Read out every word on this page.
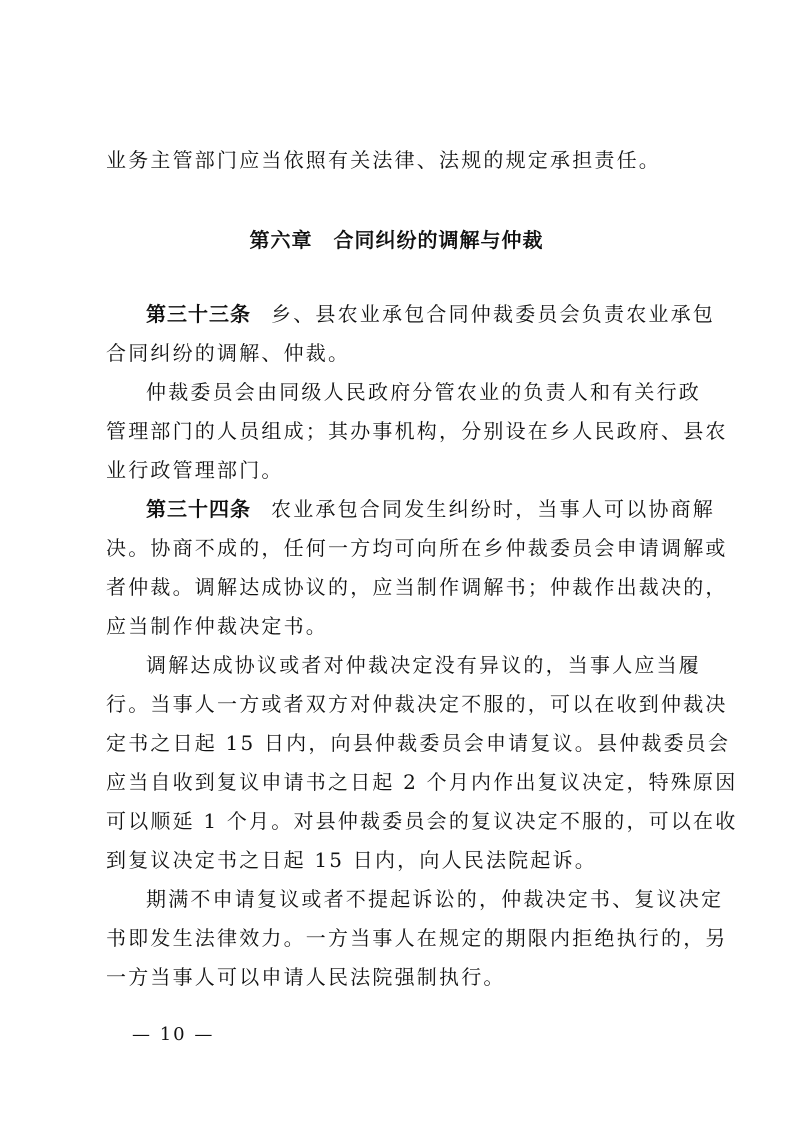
业务主管部门应当依照有关法律、法规的规定承担责任。
第六章　合同纠纷的调解与仲裁
第三十三条 乡、县农业承包合同仲裁委员会负责农业承包
合同纠纷的调解、仲裁。
仲裁委员会由同级人民政府分管农业的负责人和有关行政
管理部门的人员组成；其办事机构，分别设在乡人民政府、县农
业行政管理部门。
第三十四条 农业承包合同发生纠纷时，当事人可以协商解
决。协商不成的，任何一方均可向所在乡仲裁委员会申请调解或
者仲裁。调解达成协议的，应当制作调解书；仲裁作出裁决的，
应当制作仲裁决定书。
调解达成协议或者对仲裁决定没有异议的，当事人应当履
行。当事人一方或者双方对仲裁决定不服的，可以在收到仲裁决
定书之日起 15 日内，向县仲裁委员会申请复议。县仲裁委员会
应当自收到复议申请书之日起 2 个月内作出复议决定，特殊原因
可以顺延 1 个月。对县仲裁委员会的复议决定不服的，可以在收
到复议决定书之日起 15 日内，向人民法院起诉。
期满不申请复议或者不提起诉讼的，仲裁决定书、复议决定
书即发生法律效力。一方当事人在规定的期限内拒绝执行的，另
一方当事人可以申请人民法院强制执行。
— 10 —
